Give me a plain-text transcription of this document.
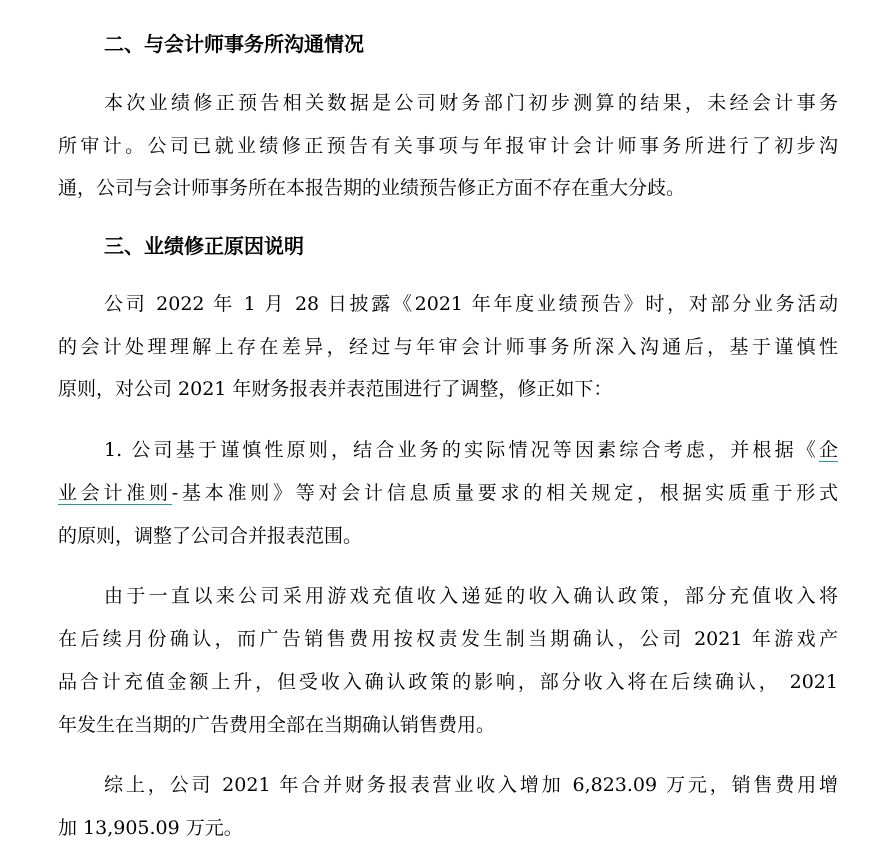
二、与会计师事务所沟通情况
本次业绩修正预告相关数据是公司财务部门初步测算的结果，未经会计事务
所审计。公司已就业绩修正预告有关事项与年报审计会计师事务所进行了初步沟
通，公司与会计师事务所在本报告期的业绩预告修正方面不存在重大分歧。
三、业绩修正原因说明
公司 2022 年 1 月 28 日披露《2021 年年度业绩预告》时，对部分业务活动
的会计处理理解上存在差异，经过与年审会计师事务所深入沟通后，基于谨慎性
原则，对公司 2021 年财务报表并表范围进行了调整，修正如下：
1. 公司基于谨慎性原则，结合业务的实际情况等因素综合考虑，并根据《企
业会计准则-基本准则》等对会计信息质量要求的相关规定，根据实质重于形式
的原则，调整了公司合并报表范围。
由于一直以来公司采用游戏充值收入递延的收入确认政策，部分充值收入将
在后续月份确认，而广告销售费用按权责发生制当期确认，公司 2021 年游戏产
品合计充值金额上升，但受收入确认政策的影响，部分收入将在后续确认， 2021
年发生在当期的广告费用全部在当期确认销售费用。
综上，公司 2021 年合并财务报表营业收入增加 6,823.09 万元，销售费用增
加 13,905.09 万元。
